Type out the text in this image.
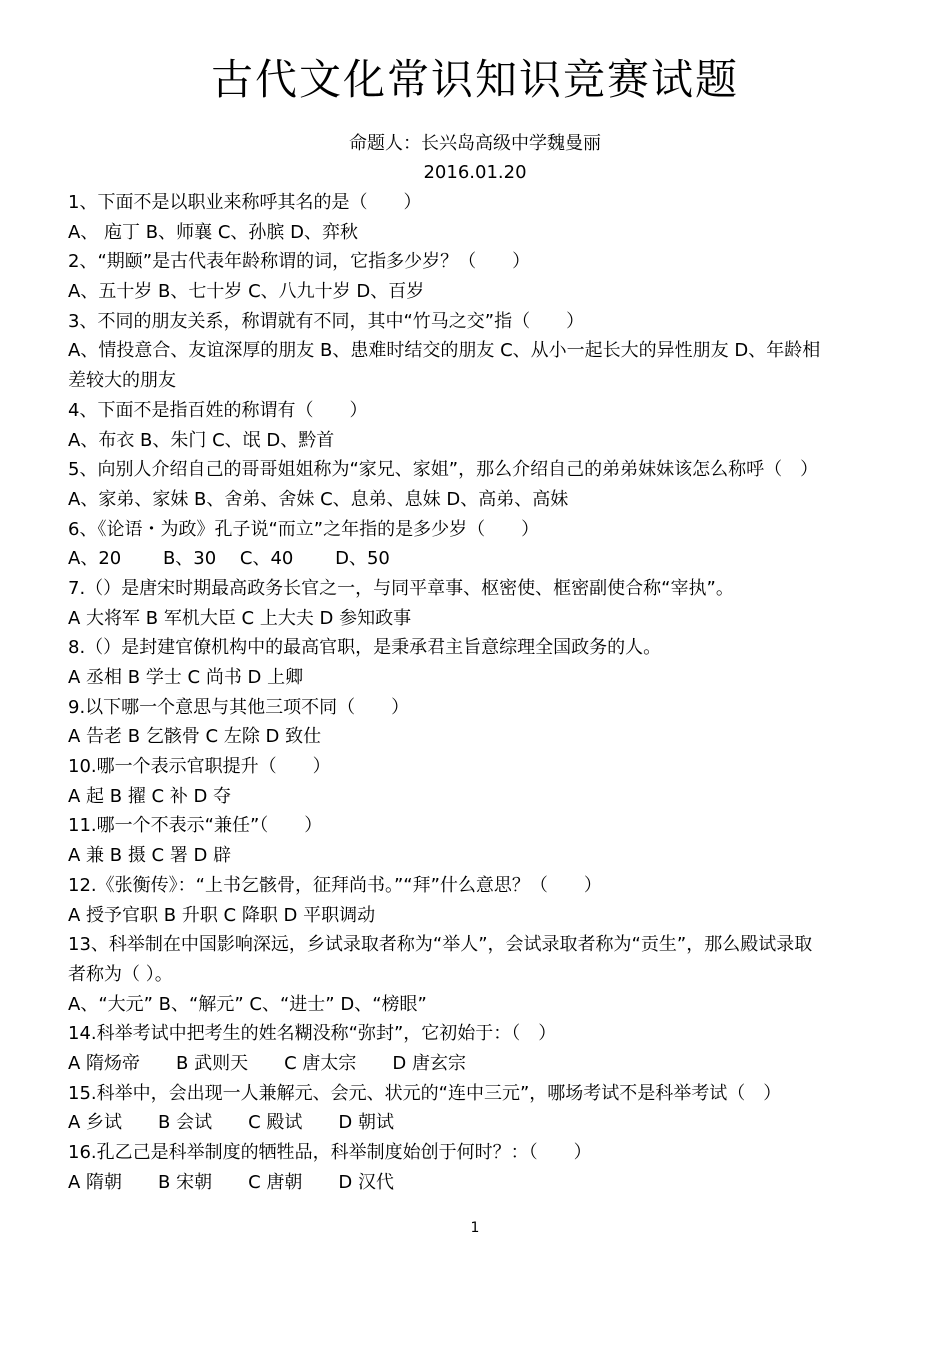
古代文化常识知识竞赛试题
命题人：长兴岛高级中学魏曼丽
2016.01.20
1、下面不是以职业来称呼其名的是（　　）
A、 庖丁 B、师襄 C、孙膑 D、弈秋
2、“期颐”是古代表年龄称谓的词，它指多少岁？（　　）
A、五十岁 B、七十岁 C、八九十岁 D、百岁
3、不同的朋友关系，称谓就有不同，其中“竹马之交”指（　　）
A、情投意合、友谊深厚的朋友 B、患难时结交的朋友 C、从小一起长大的异性朋友 D、年龄相
差较大的朋友
4、下面不是指百姓的称谓有（　　）
A、布衣 B、朱门 C、氓 D、黔首
5、向别人介绍自己的哥哥姐姐称为“家兄、家姐”，那么介绍自己的弟弟妹妹该怎么称呼（　）
A、家弟、家妹 B、舍弟、舍妹 C、息弟、息妹 D、高弟、高妹
6、《论语・为政》孔子说“而立”之年指的是多少岁（　　）
A、20　　 B、30　 C、40　　 D、50
7.（）是唐宋时期最高政务长官之一，与同平章事、枢密使、框密副使合称“宰执”。
A 大将军 B 军机大臣 C 上大夫 D 参知政事
8.（）是封建官僚机构中的最高官职，是秉承君主旨意综理全国政务的人。
A 丞相 B 学士 C 尚书 D 上卿
9.以下哪一个意思与其他三项不同（　　）
A 告老 B 乞骸骨 C 左除 D 致仕
10.哪一个表示官职提升（　　）
A 起 B 擢 C 补 D 夺
11.哪一个不表示“兼任”（　　）
A 兼 B 摄 C 署 D 辟
12.《张衡传》：“上书乞骸骨，征拜尚书。”“拜”什么意思？（　　）
A 授予官职 B 升职 C 降职 D 平职调动
13、科举制在中国影响深远，乡试录取者称为“举人”，会试录取者称为“贡生”，那么殿试录取
者称为（ ）。
A、“大元” B、“解元” C、“进士” D、“榜眼”
14.科举考试中把考生的姓名糊没称“弥封”，它初始于：（　）
A 隋炀帝　　B 武则天　　C 唐太宗　　D 唐玄宗
15.科举中，会出现一人兼解元、会元、状元的“连中三元”，哪场考试不是科举考试（　）
A 乡试　　B 会试　　C 殿试　　D 朝试
16.孔乙己是科举制度的牺牲品，科举制度始创于何时？：（　　）
A 隋朝　　B 宋朝　　C 唐朝　　D 汉代
1
